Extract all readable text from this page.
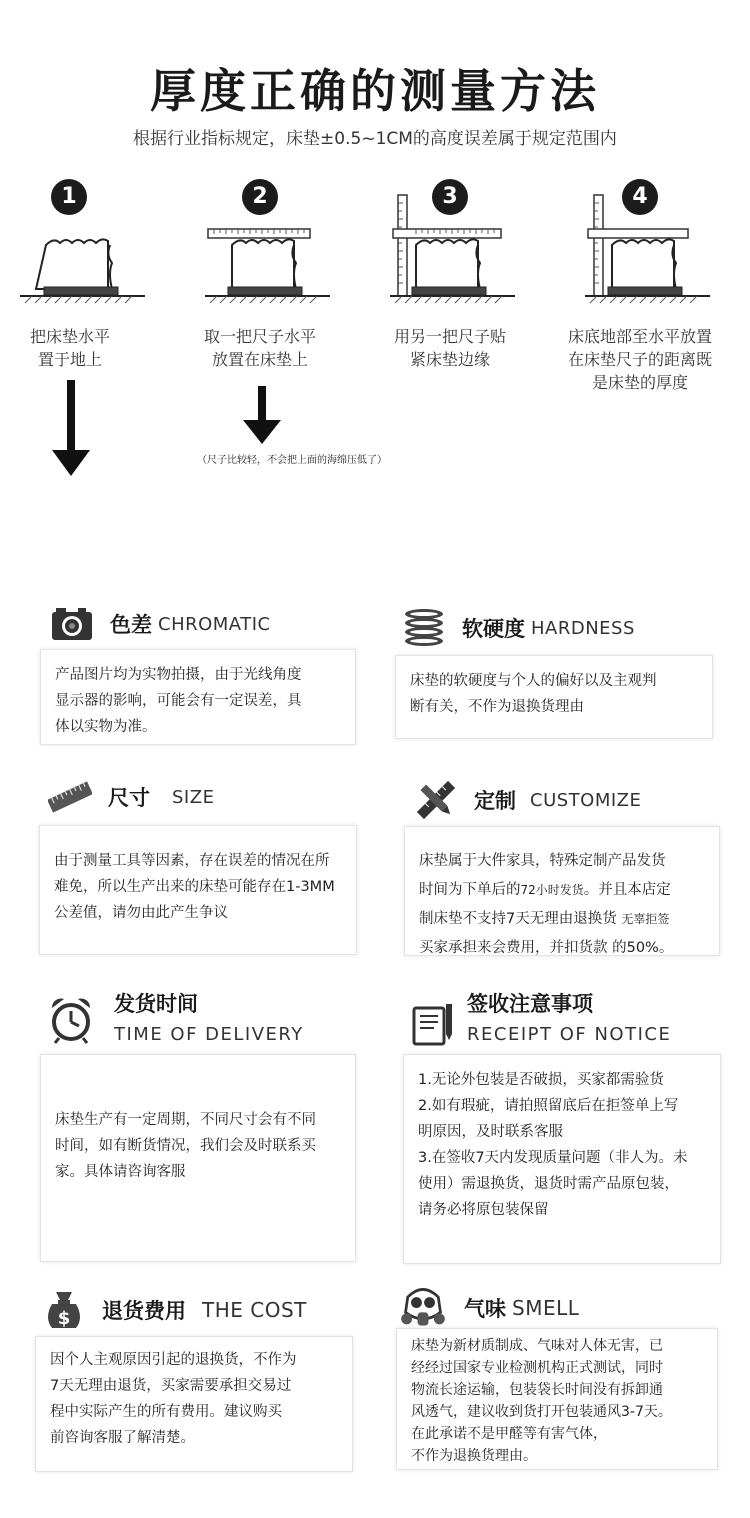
厚度正确的测量方法
根据行业指标规定，床垫±0.5~1CM的高度误差属于规定范围内
1
把床垫水平
置于地上
2
取一把尺子水平
放置在床垫上
3
用另一把尺子贴
紧床垫边缘
4
床底地部至水平放置
在床垫尺子的距离既
是床垫的厚度
（尺子比较轻，不会把上面的海绵压低了）
色差 CHROMATIC
产品图片均为实物拍摄，由于光线角度
显示器的影响，可能会有一定误差，具
体以实物为准。
软硬度 HARDNESS
床垫的软硬度与个人的偏好以及主观判
断有关，不作为退换货理由
尺寸 SIZE
由于测量工具等因素，存在误差的情况在所
难免，所以生产出来的床垫可能存在1-3MM
公差值，请勿由此产生争议
定制 CUSTOMIZE
床垫属于大件家具，特殊定制产品发货
时间为下单后的72小时发货。并且本店定
制床垫不支持7天无理由退换货 无辜拒签
买家承担来会费用，并扣货款 的50%。
发货时间
TIME OF DELIVERY
床垫生产有一定周期，不同尺寸会有不同
时间，如有断货情况，我们会及时联系买
家。具体请咨询客服
签收注意事项
RECEIPT OF NOTICE
1.无论外包装是否破损，买家都需验货
2.如有瑕疵，请拍照留底后在拒签单上写
明原因，及时联系客服
3.在签收7天内发现质量问题（非人为。未
使用）需退换货，退货时需产品原包装，
请务必将原包装保留
$ 退货费用 THE COST
因个人主观原因引起的退换货，不作为
7天无理由退货，买家需要承担交易过
程中实际产生的所有费用。建议购买
前咨询客服了解清楚。
气味 SMELL
床垫为新材质制成、气味对人体无害，已
经经过国家专业检测机构正式测试，同时
物流长途运输，包装袋长时间没有拆卸通
风透气，建议收到货打开包装通风3-7天。
在此承诺不是甲醛等有害气体，
不作为退换货理由。
